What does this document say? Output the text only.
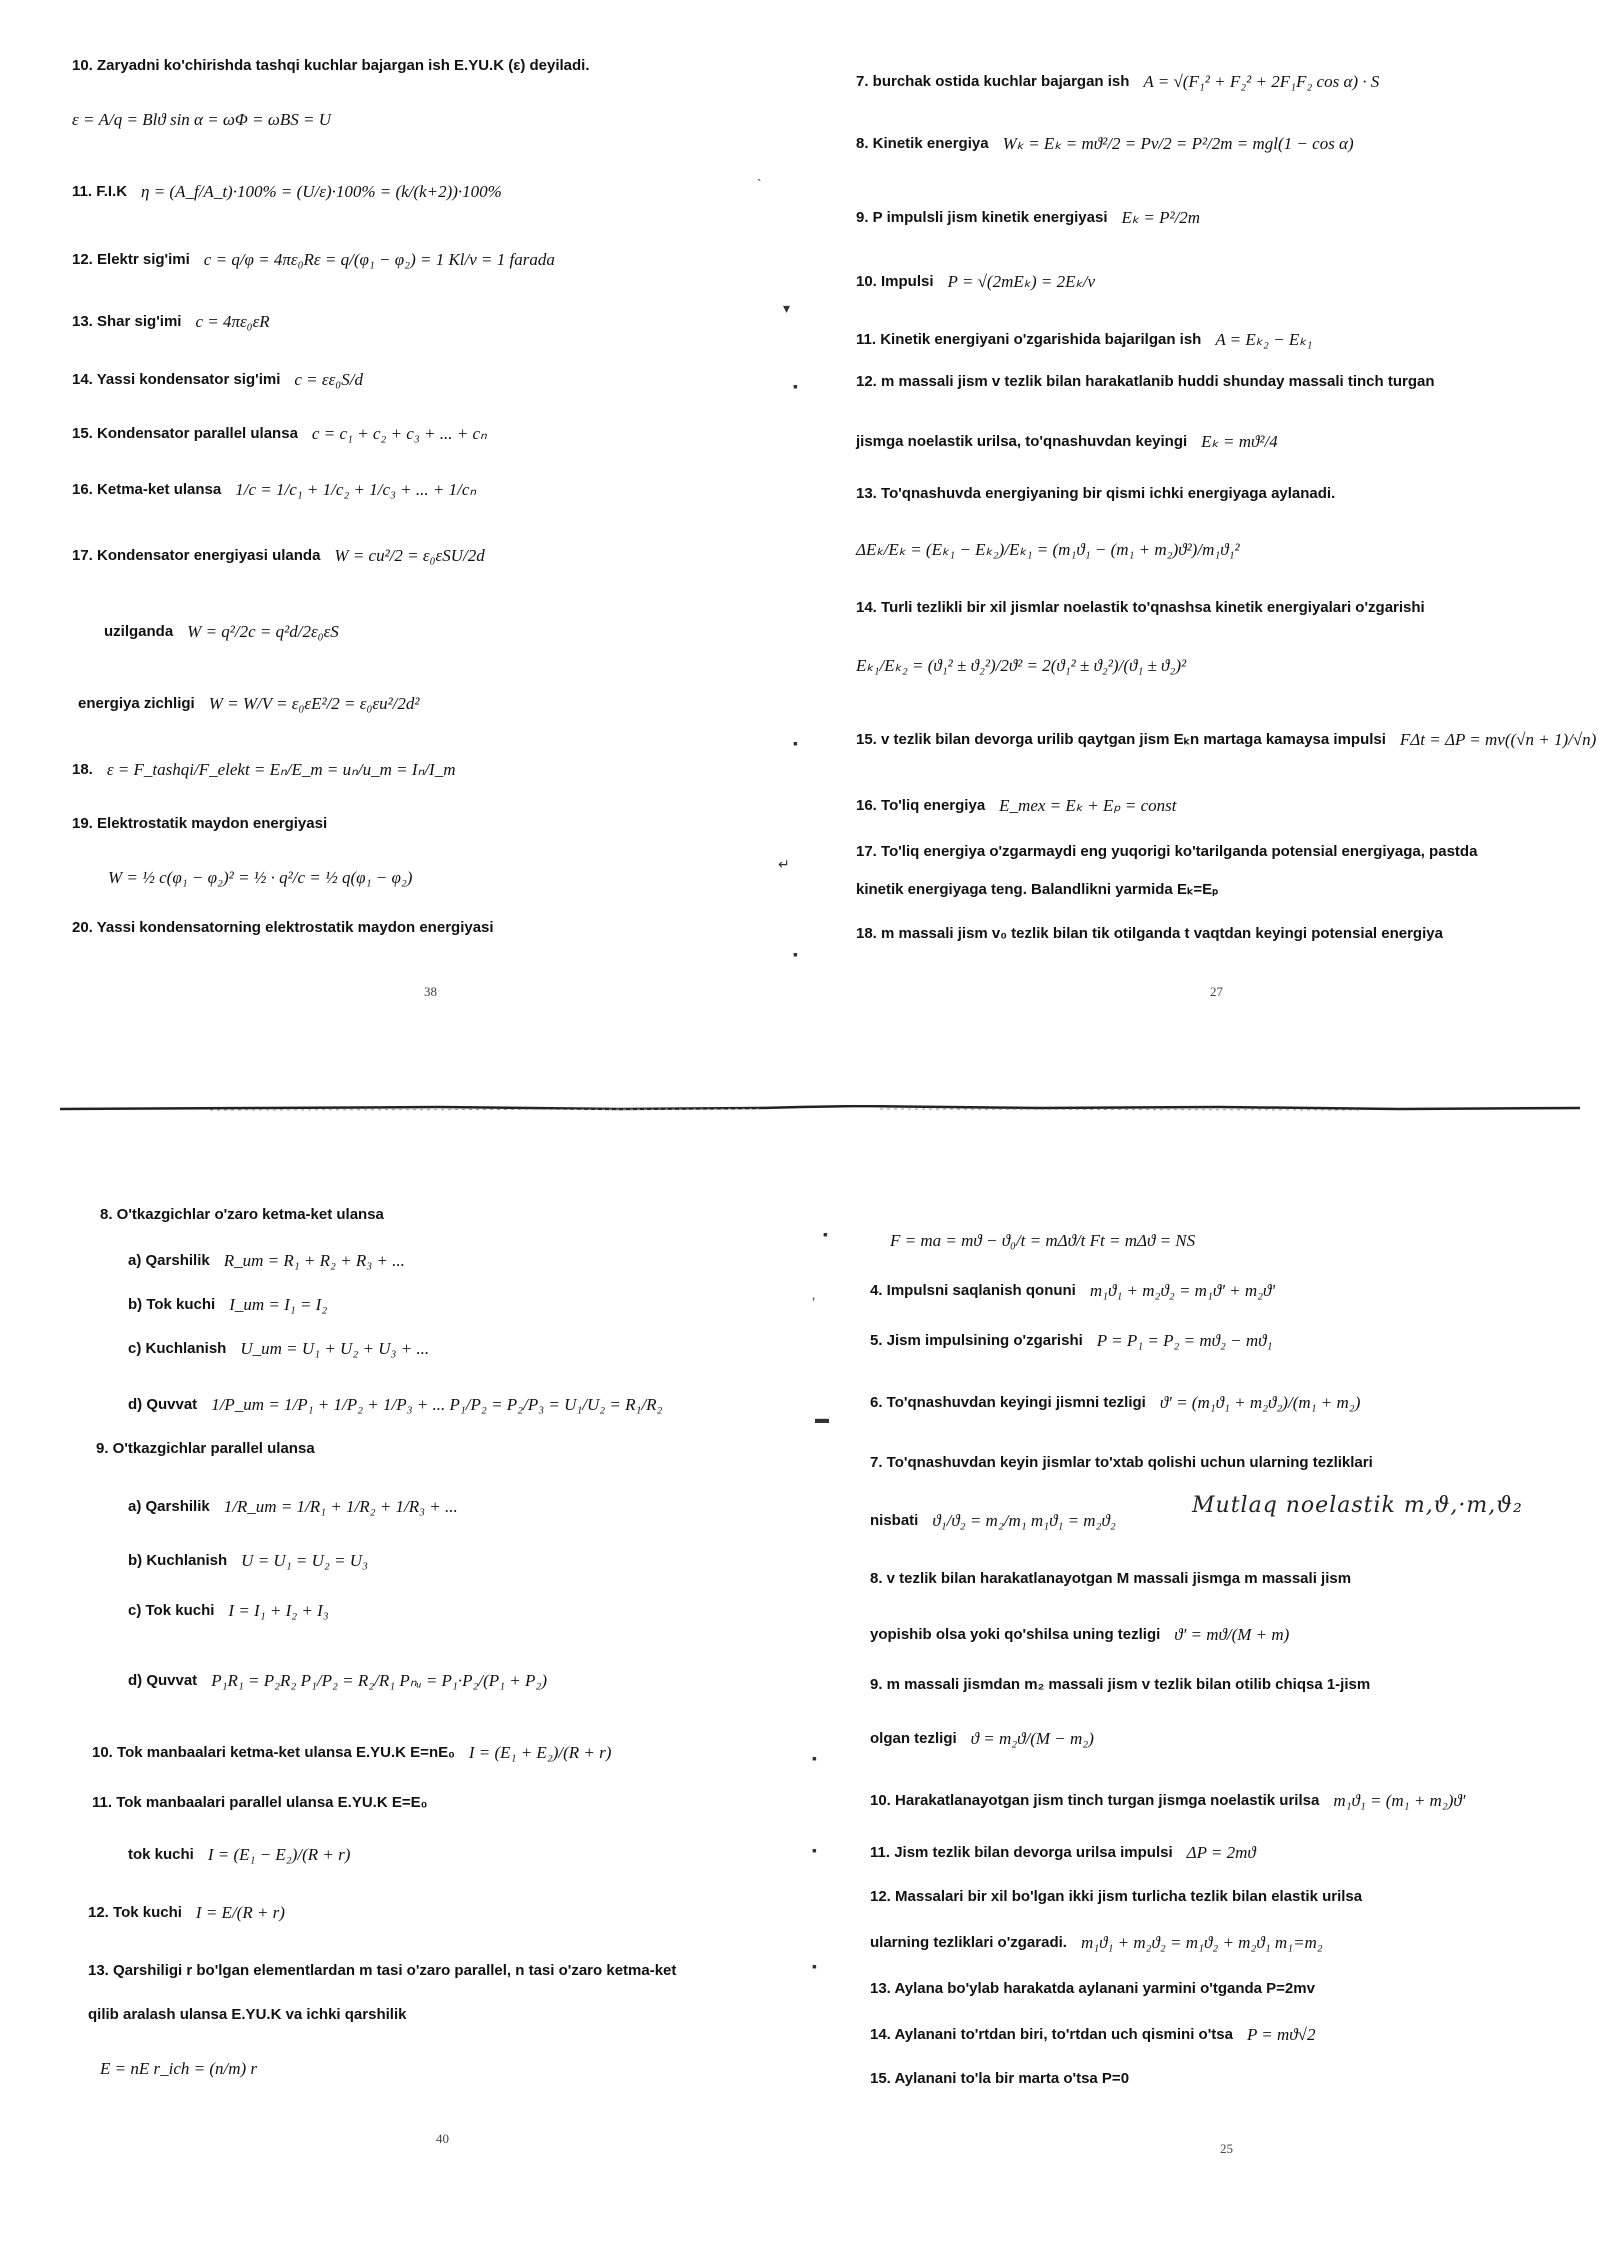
10. Zaryadni ko'chirishda tashqi kuchlar bajargan ish E.YU.K (ε) deyiladi.
ε = A/q = Blϑ sin α = ωΦ = ωBS = U
11. F.I.K η = (A_f/A_t)·100% = (U/ε)·100% = (k/(k+2))·100%
12. Elektr sig'imi c = q/φ = 4πε₀Rε = q/(φ₁ − φ₂) = 1 Kl/v = 1 farada
13. Shar sig'imi c = 4πε₀εR
14. Yassi kondensator sig'imi c = εε₀S/d
15. Kondensator parallel ulansa c = c₁ + c₂ + c₃ + ... + cₙ
16. Ketma-ket ulansa 1/c = 1/c₁ + 1/c₂ + 1/c₃ + ... + 1/cₙ
17. Kondensator energiyasi ulanda W = cu²/2 = ε₀εSU/2d
uzilganda W = q²/2c = q²d/2ε₀εS
energiya zichligi W = W/V = ε₀εE²/2 = ε₀εu²/2d²
18. ε = F_tashqi/F_elekt = Eₙ/E_m = uₙ/u_m = Iₙ/I_m
19. Elektrostatik maydon energiyasi
W = ½ c(φ₁ − φ₂)² = ½ · q²/c = ½ q(φ₁ − φ₂)
20. Yassi kondensatorning elektrostatik maydon energiyasi
38
7. burchak ostida kuchlar bajargan ish A = √(F₁² + F₂² + 2F₁F₂ cos α) · S
8. Kinetik energiya Wₖ = Eₖ = mϑ²/2 = Pv/2 = P²/2m = mgl(1 − cos α)
9. P impulsli jism kinetik energiyasi Eₖ = P²/2m
10. Impulsi P = √(2mEₖ) = 2Eₖ/v
11. Kinetik energiyani o'zgarishida bajarilgan ish A = Eₖ₂ − Eₖ₁
12. m massali jism v tezlik bilan harakatlanib huddi shunday massali tinch turgan
jismga noelastik urilsa, to'qnashuvdan keyingi Eₖ = mϑ²/4
13. To'qnashuvda energiyaning bir qismi ichki energiyaga aylanadi.
ΔEₖ/Eₖ = (Eₖ₁ − Eₖ₂)/Eₖ₁ = (m₁ϑ₁ − (m₁ + m₂)ϑ²)/m₁ϑ₁²
14. Turli tezlikli bir xil jismlar noelastik to'qnashsa kinetik energiyalari o'zgarishi
Eₖ₁/Eₖ₂ = (ϑ₁² ± ϑ₂²)/2ϑ² = 2(ϑ₁² ± ϑ₂²)/(ϑ₁ ± ϑ₂)²
15. v tezlik bilan devorga urilib qaytgan jism Eₖn martaga kamaysa impulsi FΔt = ΔP = mv((√n + 1)/√n)
16. To'liq energiya E_mex = Eₖ + Eₚ = const
17. To'liq energiya o'zgarmaydi eng yuqorigi ko'tarilganda potensial energiyaga, pastda
kinetik energiyaga teng. Balandlikni yarmida Eₖ=Eₚ
18. m massali jism v₀ tezlik bilan tik otilganda t vaqtdan keyingi potensial energiya
27
`
▾
▪
▪
↵
▪
8. O'tkazgichlar o'zaro ketma-ket ulansa
a) Qarshilik R_um = R₁ + R₂ + R₃ + ...
b) Tok kuchi I_um = I₁ = I₂
c) Kuchlanish U_um = U₁ + U₂ + U₃ + ...
d) Quvvat 1/P_um = 1/P₁ + 1/P₂ + 1/P₃ + ... P₁/P₂ = P₂/P₃ = U₁/U₂ = R₁/R₂
9. O'tkazgichlar parallel ulansa
a) Qarshilik 1/R_um = 1/R₁ + 1/R₂ + 1/R₃ + ...
b) Kuchlanish U = U₁ = U₂ = U₃
c) Tok kuchi I = I₁ + I₂ + I₃
d) Quvvat P₁R₁ = P₂R₂ P₁/P₂ = R₂/R₁ Pₙᵤ = P₁·P₂/(P₁ + P₂)
10. Tok manbaalari ketma-ket ulansa E.YU.K E=nE₀ I = (E₁ + E₂)/(R + r)
11. Tok manbaalari parallel ulansa E.YU.K E=E₀
tok kuchi I = (E₁ − E₂)/(R + r)
12. Tok kuchi I = E/(R + r)
13. Qarshiligi r bo'lgan elementlardan m tasi o'zaro parallel, n tasi o'zaro ketma-ket
qilib aralash ulansa E.YU.K va ichki qarshilik
E = nE r_ich = (n/m) r
40
F = ma = mϑ − ϑ₀/t = mΔϑ/t Ft = mΔϑ = NS
4. Impulsni saqlanish qonuni m₁ϑ₁ + m₂ϑ₂ = m₁ϑ' + m₂ϑ'
5. Jism impulsining o'zgarishi P = P₁ = P₂ = mϑ₂ − mϑ₁
6. To'qnashuvdan keyingi jismni tezligi ϑ' = (m₁ϑ₁ + m₂ϑ₂)/(m₁ + m₂)
7. To'qnashuvdan keyin jismlar to'xtab qolishi uchun ularning tezliklari
nisbati ϑ₁/ϑ₂ = m₂/m₁ m₁ϑ₁ = m₂ϑ₂
Mutlaq noelastik m,ϑ,·m,ϑ₂
8. v tezlik bilan harakatlanayotgan M massali jismga m massali jism
yopishib olsa yoki qo'shilsa uning tezligi ϑ' = mϑ/(M + m)
9. m massali jismdan m₂ massali jism v tezlik bilan otilib chiqsa 1-jism
olgan tezligi ϑ = m₂ϑ/(M − m₂)
10. Harakatlanayotgan jism tinch turgan jismga noelastik urilsa m₁ϑ₁ = (m₁ + m₂)ϑ'
11. Jism tezlik bilan devorga urilsa impulsi ΔP = 2mϑ
12. Massalari bir xil bo'lgan ikki jism turlicha tezlik bilan elastik urilsa
ularning tezliklari o'zgaradi. m₁ϑ₁ + m₂ϑ₂ = m₁ϑ₂ + m₂ϑ₁ m₁=m₂
13. Aylana bo'ylab harakatda aylanani yarmini o'tganda P=2mv
14. Aylanani to'rtdan biri, to'rtdan uch qismini o'tsa P = mϑ√2
15. Aylanani to'la bir marta o'tsa P=0
25
▪
‚
▬
▪
▪
▪
